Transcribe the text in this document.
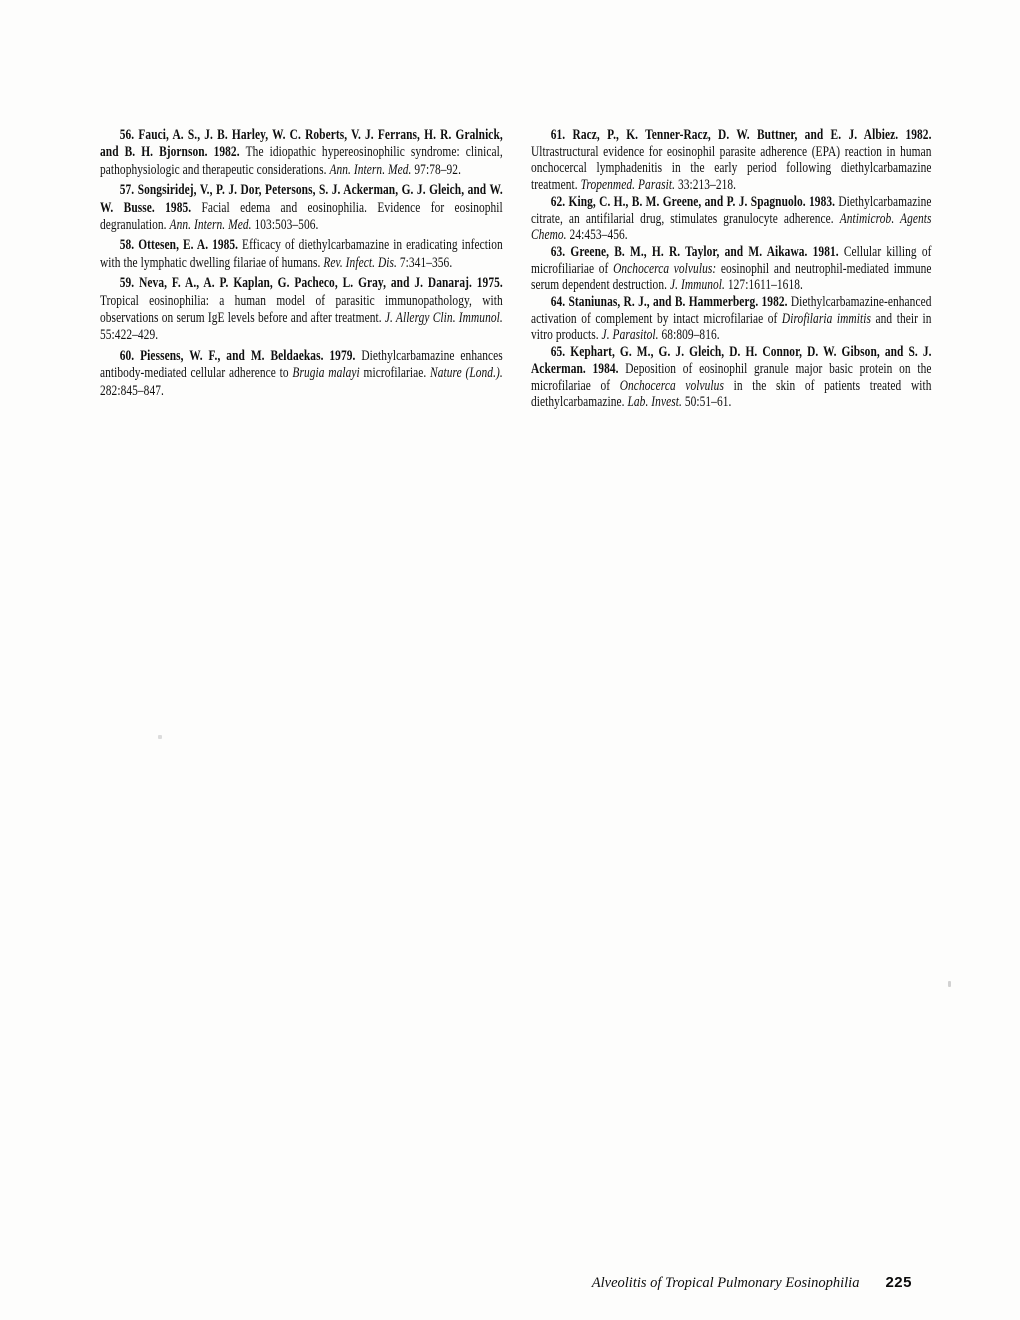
56. Fauci, A. S., J. B. Harley, W. C. Roberts, V. J. Ferrans, H. R. Gralnick, and B. H. Bjornson. 1982. The idiopathic hypereosinophilic syndrome: clinical, pathophysiologic and therapeutic considerations. Ann. Intern. Med. 97:78–92.

57. Songsiridej, V., P. J. Dor, Petersons, S. J. Ackerman, G. J. Gleich, and W. W. Busse. 1985. Facial edema and eosinophilia. Evidence for eosinophil degranulation. Ann. Intern. Med. 103:503–506.

58. Ottesen, E. A. 1985. Efficacy of diethylcarbamazine in eradicating infection with the lymphatic dwelling filariae of humans. Rev. Infect. Dis. 7:341–356.

59. Neva, F. A., A. P. Kaplan, G. Pacheco, L. Gray, and J. Danaraj. 1975. Tropical eosinophilia: a human model of parasitic immunopathology, with observations on serum IgE levels before and after treatment. J. Allergy Clin. Immunol. 55:422–429.

60. Piessens, W. F., and M. Beldaekas. 1979. Diethylcarbamazine enhances antibody-mediated cellular adherence to Brugia malayi microfilariae. Nature (Lond.). 282:845–847.

61. Racz, P., K. Tenner-Racz, D. W. Buttner, and E. J. Albiez. 1982. Ultrastructural evidence for eosinophil parasite adherence (EPA) reaction in human onchocercal lymphadenitis in the early period following diethylcarbamazine treatment. Tropenmed. Parasit. 33:213–218.

62. King, C. H., B. M. Greene, and P. J. Spagnuolo. 1983. Diethylcarbamazine citrate, an antifilarial drug, stimulates granulocyte adherence. Antimicrob. Agents Chemo. 24:453–456.

63. Greene, B. M., H. R. Taylor, and M. Aikawa. 1981. Cellular killing of microfiliariae of Onchocerca volvulus: eosinophil and neutrophil-mediated immune serum dependent destruction. J. Immunol. 127:1611–1618.

64. Staniunas, R. J., and B. Hammerberg. 1982. Diethylcarbamazine-enhanced activation of complement by intact microfilariae of Dirofilaria immitis and their in vitro products. J. Parasitol. 68:809–816.

65. Kephart, G. M., G. J. Gleich, D. H. Connor, D. W. Gibson, and S. J. Ackerman. 1984. Deposition of eosinophil granule major basic protein on the microfilariae of Onchocerca volvulus in the skin of patients treated with diethylcarbamazine. Lab. Invest. 50:51–61.

Alveolitis of Tropical Pulmonary Eosinophilia 225
